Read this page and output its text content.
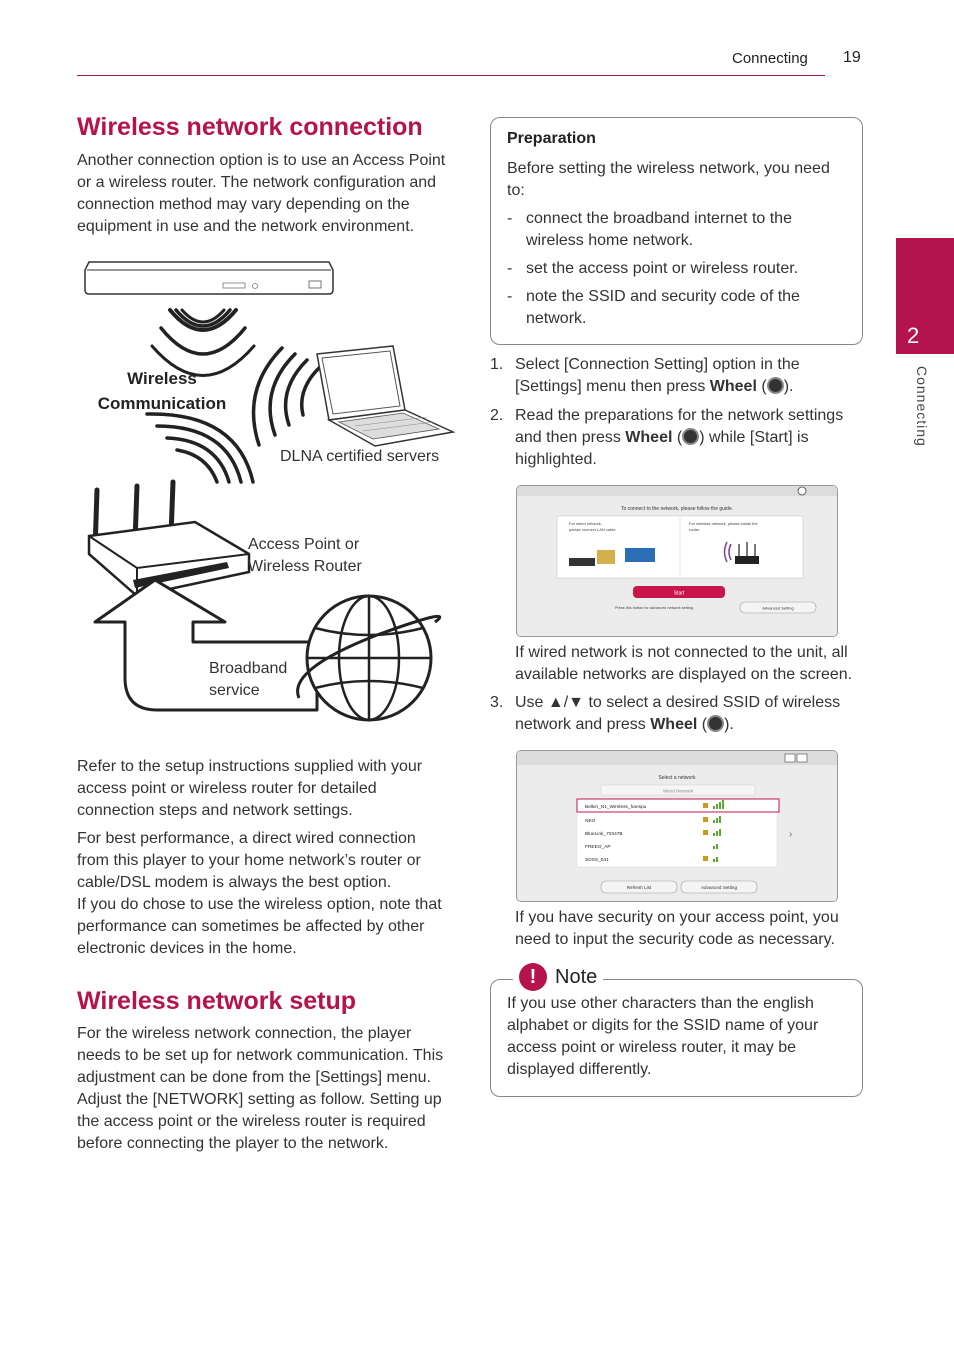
Connecting 19
2
Connecting
Wireless network connection
Another connection option is to use an Access Point or a wireless router. The network configuration and connection method may vary depending on the equipment in use and the network environment.
Wireless
Communication
DLNA certified servers
Access Point or
Wireless Router
Broadband
service
Refer to the setup instructions supplied with your access point or wireless router for detailed connection steps and network settings.
For best performance, a direct wired connection from this player to your home network’s router or cable/DSL modem is always the best option.
If you do chose to use the wireless option, note that performance can sometimes be affected by other electronic devices in the home.
Wireless network setup
For the wireless network connection, the player needs to be set up for network communication. This adjustment can be done from the [Settings] menu. Adjust the [NETWORK] setting as follow. Setting up the access point or the wireless router is required before connecting the player to the network.
Preparation
Before setting the wireless network, you need to:
- connect the broadband internet to the wireless home network.
- set the access point or wireless router.
- note the SSID and security code of the network.
1. Select [Connection Setting] option in the [Settings] menu then press Wheel ( ).
2. Read the preparations for the network settings and then press Wheel ( ) while [Start] is highlighted.
To connect to the network, please follow the guide.
For wired network,
please connect LAN cable.
For wireless network, please install the
router.
Start
Press this button for advanced network setting.	Advanced Setting
If wired network is not connected to the unit, all available networks are displayed on the screen.
3. Use ▲/▼ to select a desired SSID of wireless network and press Wheel ( ).
Select a network
Wired Network
Belkin_N1_Wireless_hanspu
NEO
BlueLink_70347B
FREEO_AP
SDSS_041
›
Refresh List	Advanced Setting
If you have security on your access point, you need to input the security code as necessary.
! Note
If you use other characters than the english alphabet or digits for the SSID name of your access point or wireless router, it may be displayed differently.
